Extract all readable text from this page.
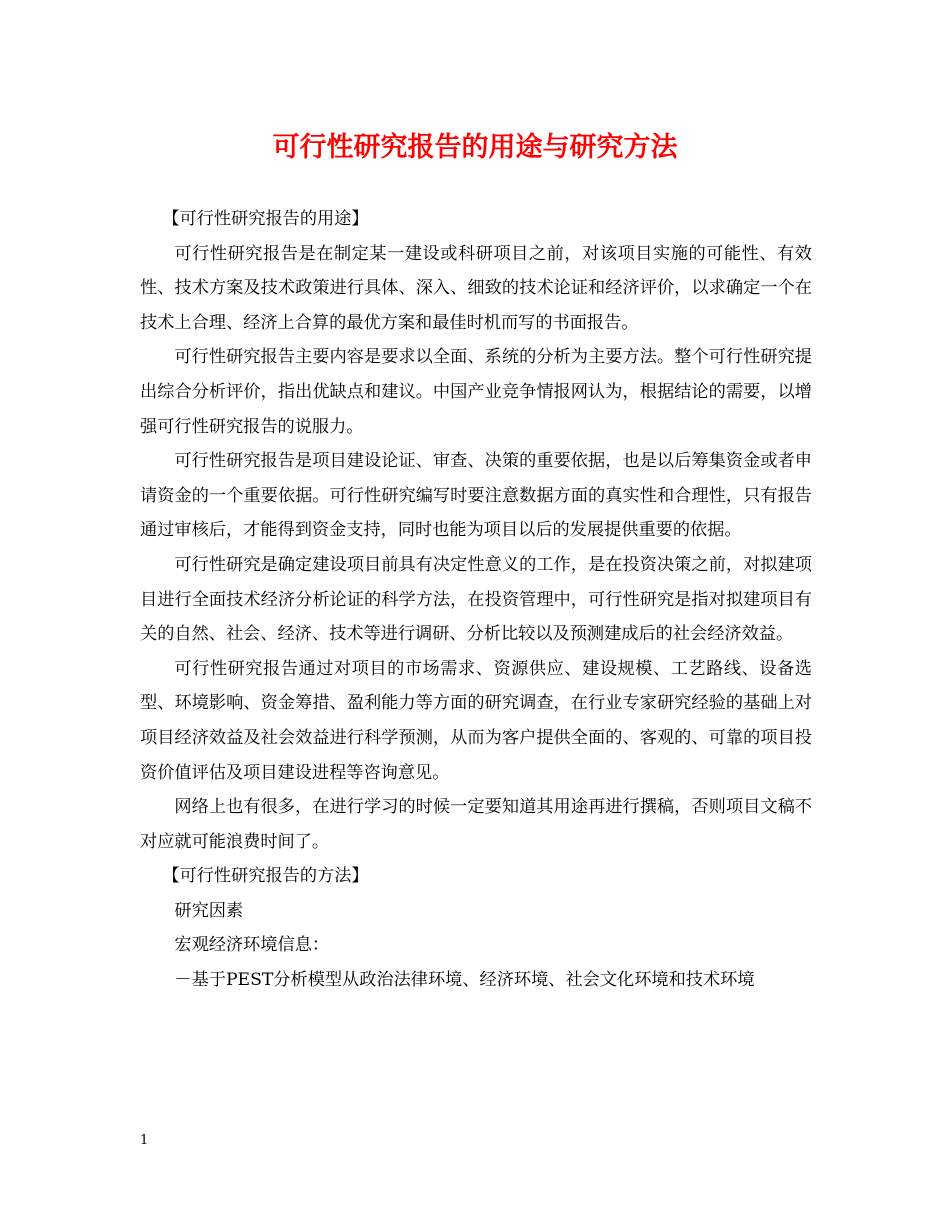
可行性研究报告的用途与研究方法

【可行性研究报告的用途】

可行性研究报告是在制定某一建设或科研项目之前，对该项目实施的可能性、有效性、技术方案及技术政策进行具体、深入、细致的技术论证和经济评价，以求确定一个在技术上合理、经济上合算的最优方案和最佳时机而写的书面报告。

可行性研究报告主要内容是要求以全面、系统的分析为主要方法。整个可行性研究提出综合分析评价，指出优缺点和建议。中国产业竞争情报网认为，根据结论的需要，以增强可行性研究报告的说服力。

可行性研究报告是项目建设论证、审查、决策的重要依据，也是以后筹集资金或者申请资金的一个重要依据。可行性研究编写时要注意数据方面的真实性和合理性，只有报告通过审核后，才能得到资金支持，同时也能为项目以后的发展提供重要的依据。

可行性研究是确定建设项目前具有决定性意义的工作，是在投资决策之前，对拟建项目进行全面技术经济分析论证的科学方法，在投资管理中，可行性研究是指对拟建项目有关的自然、社会、经济、技术等进行调研、分析比较以及预测建成后的社会经济效益。

可行性研究报告通过对项目的市场需求、资源供应、建设规模、工艺路线、设备选型、环境影响、资金筹措、盈利能力等方面的研究调查，在行业专家研究经验的基础上对项目经济效益及社会效益进行科学预测，从而为客户提供全面的、客观的、可靠的项目投资价值评估及项目建设进程等咨询意见。

网络上也有很多，在进行学习的时候一定要知道其用途再进行撰稿，否则项目文稿不对应就可能浪费时间了。

【可行性研究报告的方法】

研究因素

宏观经济环境信息：

－基于PEST分析模型从政治法律环境、经济环境、社会文化环境和技术环境

1
